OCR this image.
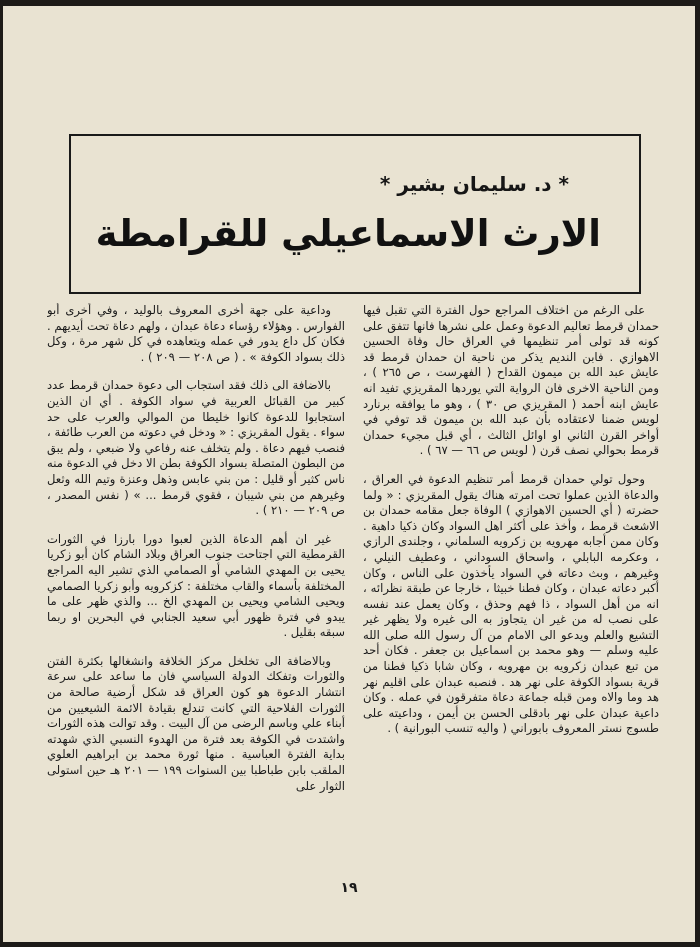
* د. سليمان بشير *
الارث الاسماعيلي للقرامطة

على الرغم من اختلاف المراجع حول الفترة التي تقبل فيها حمدان قرمط تعاليم الدعوة وعمل على نشرها فانها تتفق على كونه قد تولى أمر تنظيمها في العراق حال وفاة الحسين الاهوازي . فابن النديم يذكر من ناحية ان حمدان قرمط قد عايش عبد الله بن ميمون القداح ( الفهرست ، ص ٢٦٥ ) ، ومن الناحية الاخرى فان الرواية التي يوردها المقريزي تفيد انه عايش ابنه أحمد ( المقريزي ص ٣٠ ) ، وهو ما يوافقه برنارد لويس ضمنا لاعتقاده بأن عبد الله بن ميمون قد توفي في أواخر القرن الثاني او اوائل الثالث ، أي قبل مجيء حمدان قرمط بحوالي نصف قرن ( لويس ص ٦٦ — ٦٧ ) .

وحول تولي حمدان قرمط أمر تنظيم الدعوة في العراق ، والدعاة الذين عملوا تحت امرته هناك يقول المقريزي : « ولما حضرته ( أي الحسين الاهوازي ) الوفاة جعل مقامه حمدان بن الاشعث قرمط ، وأخذ على أكثر اهل السواد وكان ذكيا داهية . وكان ممن أجابه مهرويه بن زكرويه السلماني ، وجلندى الرازي ، وعكرمه البابلي ، واسحاق السوداني ، وعطيف النيلي ، وغيرهم ، وبث دعاته في السواد يأخذون على الناس ، وكان أكبر دعاته عبدان ، وكان فطنا خبيثا ، خارجا عن طبقة نظرائه ، انه من أهل السواد ، ذا فهم وحذق ، وكان يعمل عند نفسه على نصب له من غير ان يتجاوز به الى غيره ولا يظهر غير التشيع والعلم ويدعو الى الامام من آل رسول الله صلى الله عليه وسلم — وهو محمد بن اسماعيل بن جعفر . فكان أحد من تبع عبدان زكرويه بن مهرويه ، وكان شابا ذكيا فطنا من قرية بسواد الكوفة على نهر هد . فنصبه عبدان على اقليم نهر هد وما والاه ومن قبله جماعة دعاة متفرقون في عمله . وكان داعية عبدان على نهر بادقلى الحسن بن أيمن ، وداعيته على طسوج نستر المعروف بابوراني ( واليه تنسب البورانية ) .

وداعية على جهة أخرى المعروف بالوليد ، وفي أخرى أبو الفوارس . وهؤلاء رؤساء دعاة عبدان ، ولهم دعاة تحت أيديهم . فكان كل داع يدور في عمله ويتعاهده في كل شهر مرة ، وكل ذلك بسواد الكوفة » . ( ص ٢٠٨ — ٢٠٩ ) .

بالاضافة الى ذلك فقد استجاب الى دعوة حمدان قرمط عدد كبير من القبائل العربية في سواد الكوفة . أي ان الذين استجابوا للدعوة كانوا خليطا من الموالي والعرب على حد سواء . يقول المقريزي : « ودخل في دعوته من العرب طائفة ، فنصب فيهم دعاة . ولم يتخلف عنه رفاعي ولا ضبعي ، ولم يبق من البطون المتصلة بسواد الكوفة بطن الا دخل في الدعوة منه ناس كثير أو قليل : من بني عابس وذهل وعنزة وتيم الله وثعل وغيرهم من بني شيبان ، فقوي قرمط ... » ( نفس المصدر ، ص ٢٠٩ — ٢١٠ ) .

غير ان أهم الدعاة الذين لعبوا دورا بارزا في الثورات القرمطية التي اجتاحت جنوب العراق وبلاد الشام كان أبو زكريا يحيى بن المهدي الشامي أو الصمامي الذي تشير اليه المراجع المختلفة بأسماء والقاب مختلفة : كزكرويه وأبو زكريا الصمامي ويحيى الشامي ويحيى بن المهدي الخ ... والذي ظهر على ما يبدو في فترة ظهور أبي سعيد الجنابي في البحرين او ربما سبقه بقليل .

وبالاضافة الى تخلخل مركز الخلافة وانشغالها بكثرة الفتن والثورات وتفكك الدولة السياسي فان ما ساعد على سرعة انتشار الدعوة هو كون العراق قد شكل أرضية صالحة من الثورات الفلاحية التي كانت تندلع بقيادة الائمة الشيعيين من أبناء علي وباسم الرضى من آل البيت . وقد توالت هذه الثورات واشتدت في الكوفة بعد فترة من الهدوء النسبي الذي شهدته بداية الفترة العباسية . منها ثورة محمد بن ابراهيم العلوي الملقب بابن طباطبا بين السنوات ١٩٩ — ٢٠١ هـ حين استولى الثوار على

١٩
